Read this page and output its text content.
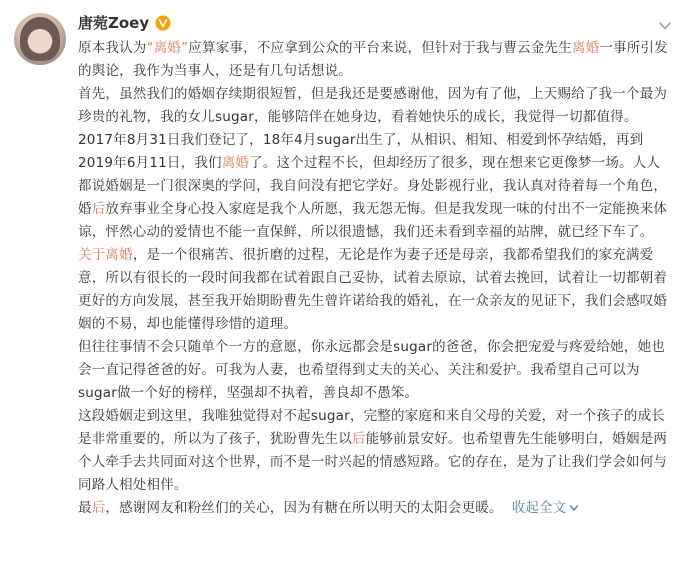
唐菀Zoey

原本我认为“离婚”应算家事，不应拿到公众的平台来说，但针对于我与曹云金先生离婚一事所引发的舆论，我作为当事人，还是有几句话想说。

首先，虽然我们的婚姻存续期很短暂，但是我还是要感谢他，因为有了他，上天赐给了我一个最为珍贵的礼物，我的女儿sugar，能够陪伴在她身边，看着她快乐的成长，我觉得一切都值得。2017年8月31日我们登记了，18年4月sugar出生了，从相识、相知、相爱到怀孕结婚，再到2019年6月11日，我们离婚了。这个过程不长，但却经历了很多，现在想来它更像梦一场。人人都说婚姻是一门很深奥的学问，我自问没有把它学好。身处影视行业，我认真对待着每一个角色，婚后放弃事业全身心投入家庭是我个人所愿，我无怨无悔。但是我发现一味的付出不一定能换来体谅，怦然心动的爱情也不能一直保鲜，所以很遗憾，我们还未看到幸福的站牌，就已经下车了。

关于离婚，是一个很痛苦、很折磨的过程，无论是作为妻子还是母亲，我都希望我们的家充满爱意，所以有很长的一段时间我都在试着跟自己妥协，试着去原谅，试着去挽回，试着让一切都朝着更好的方向发展，甚至我开始期盼曹先生曾许诺给我的婚礼，在一众亲友的见证下，我们会感叹婚姻的不易，却也能懂得珍惜的道理。

但往往事情不会只随单个一方的意愿，你永远都会是sugar的爸爸，你会把宠爱与疼爱给她，她也会一直记得爸爸的好。可我为人妻，也希望得到丈夫的关心、关注和爱护。我希望自己可以为sugar做一个好的榜样，坚强却不执着，善良却不愚笨。

这段婚姻走到这里，我唯独觉得对不起sugar，完整的家庭和来自父母的关爱，对一个孩子的成长是非常重要的，所以为了孩子，犹盼曹先生以后能够前景安好。也希望曹先生能够明白，婚姻是两个人牵手去共同面对这个世界，而不是一时兴起的情感短路。它的存在，是为了让我们学会如何与同路人相处相伴。

最后，感谢网友和粉丝们的关心，因为有糖在所以明天的太阳会更暖。 收起全文
